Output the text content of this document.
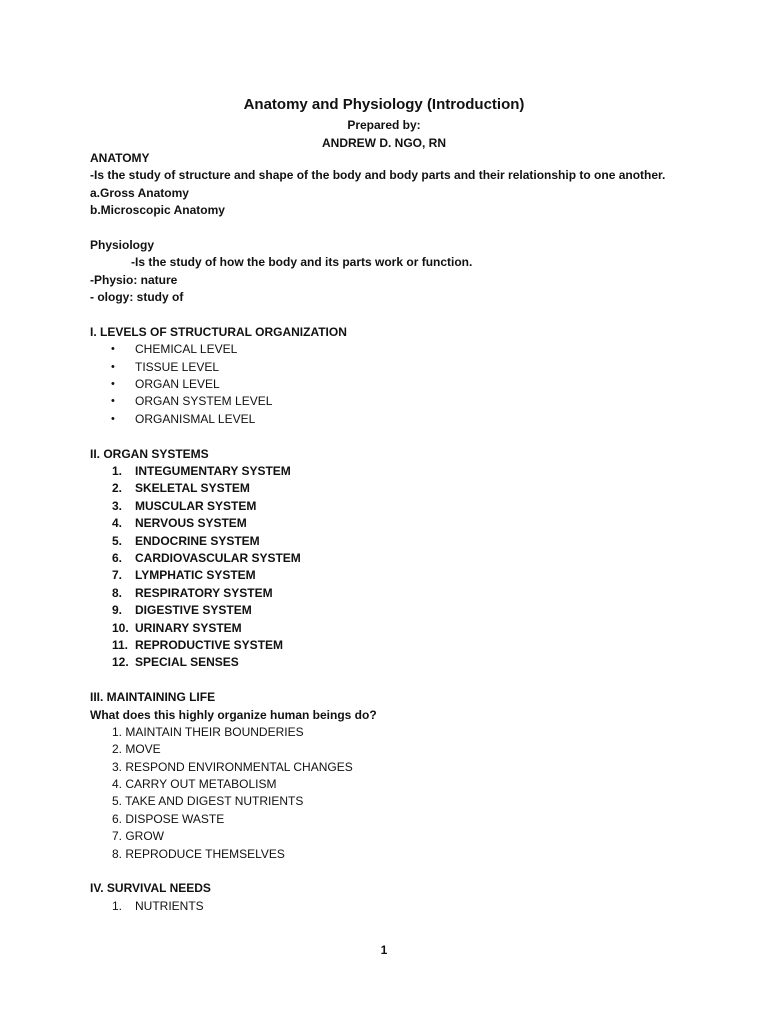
Anatomy and Physiology (Introduction)
Prepared by:
ANDREW D. NGO, RN
ANATOMY
-Is the study of structure and shape of the body and body parts and their relationship to one another.
a.Gross Anatomy
b.Microscopic Anatomy
Physiology
- Is the study of how the body and its parts work or function.
-Physio: nature
- ology: study of
I. LEVELS OF STRUCTURAL ORGANIZATION
•	CHEMICAL LEVEL
•	TISSUE LEVEL
•	ORGAN LEVEL
•	ORGAN SYSTEM LEVEL
•	ORGANISMAL LEVEL
II. ORGAN SYSTEMS
1.	INTEGUMENTARY SYSTEM
2.	SKELETAL SYSTEM
3.	MUSCULAR SYSTEM
4.	NERVOUS SYSTEM
5.	ENDOCRINE SYSTEM
6.	CARDIOVASCULAR SYSTEM
7.	LYMPHATIC SYSTEM
8.	RESPIRATORY SYSTEM
9.	DIGESTIVE SYSTEM
10. URINARY SYSTEM
11. REPRODUCTIVE SYSTEM
12. SPECIAL SENSES
III. MAINTAINING LIFE
What does this highly organize human beings do?
1. MAINTAIN THEIR BOUNDERIES
2. MOVE
3. RESPOND ENVIRONMENTAL CHANGES
4. CARRY OUT METABOLISM
5. TAKE AND DIGEST NUTRIENTS
6. DISPOSE WASTE
7. GROW
8. REPRODUCE THEMSELVES
IV. SURVIVAL NEEDS
1.	NUTRIENTS
1
